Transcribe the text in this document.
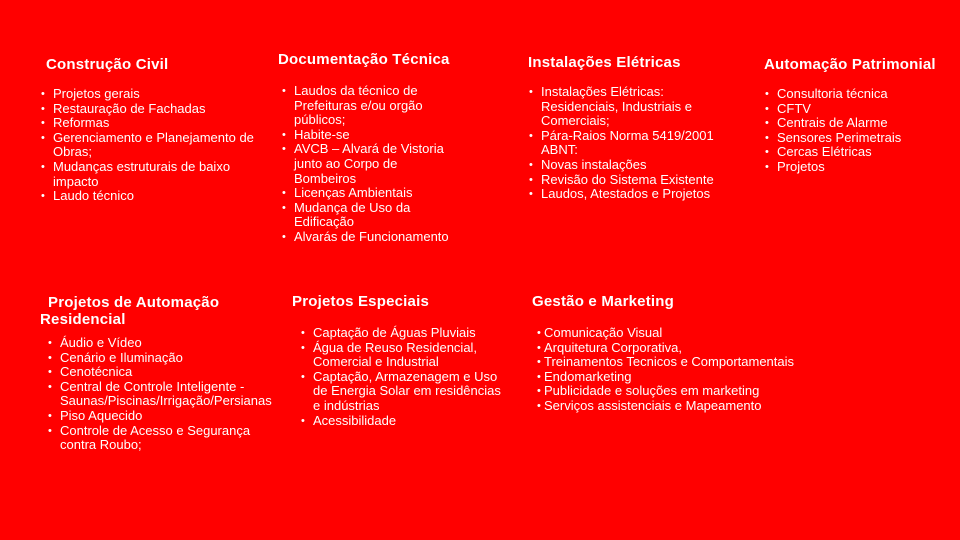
Construção Civil
• Projetos gerais
• Restauração de Fachadas
• Reformas
• Gerenciamento e Planejamento de Obras;
• Mudanças estruturais de baixo impacto
• Laudo técnico
Documentação Técnica
• Laudos da técnico de Prefeituras e/ou orgão públicos;
• Habite-se
• AVCB – Alvará de Vistoria junto ao Corpo de Bombeiros
• Licenças Ambientais
• Mudança de Uso da Edificação
• Alvarás de Funcionamento
Instalações Elétricas
• Instalações Elétricas: Residenciais, Industriais e Comerciais;
• Pára-Raios Norma 5419/2001 ABNT:
• Novas instalações
• Revisão do Sistema Existente
• Laudos, Atestados e Projetos
Automação Patrimonial
• Consultoria técnica
• CFTV
• Centrais de Alarme
• Sensores Perimetrais
• Cercas Elétricas
• Projetos
Projetos de Automação Residencial
• Áudio e Vídeo
• Cenário e Iluminação
• Cenotécnica
• Central de Controle Inteligente - Saunas/Piscinas/Irrigação/Persianas
• Piso Aquecido
• Controle de Acesso e Segurança contra Roubo;
Projetos Especiais
• Captação de Águas Pluviais
• Água de Reuso Residencial, Comercial e Industrial
• Captação, Armazenagem e Uso de Energia Solar em residências e indústrias
• Acessibilidade
Gestão e Marketing
• Comunicação Visual
• Arquitetura Corporativa,
• Treinamentos Tecnicos e Comportamentais
• Endomarketing
• Publicidade e soluções em marketing
• Serviços assistenciais e Mapeamento
